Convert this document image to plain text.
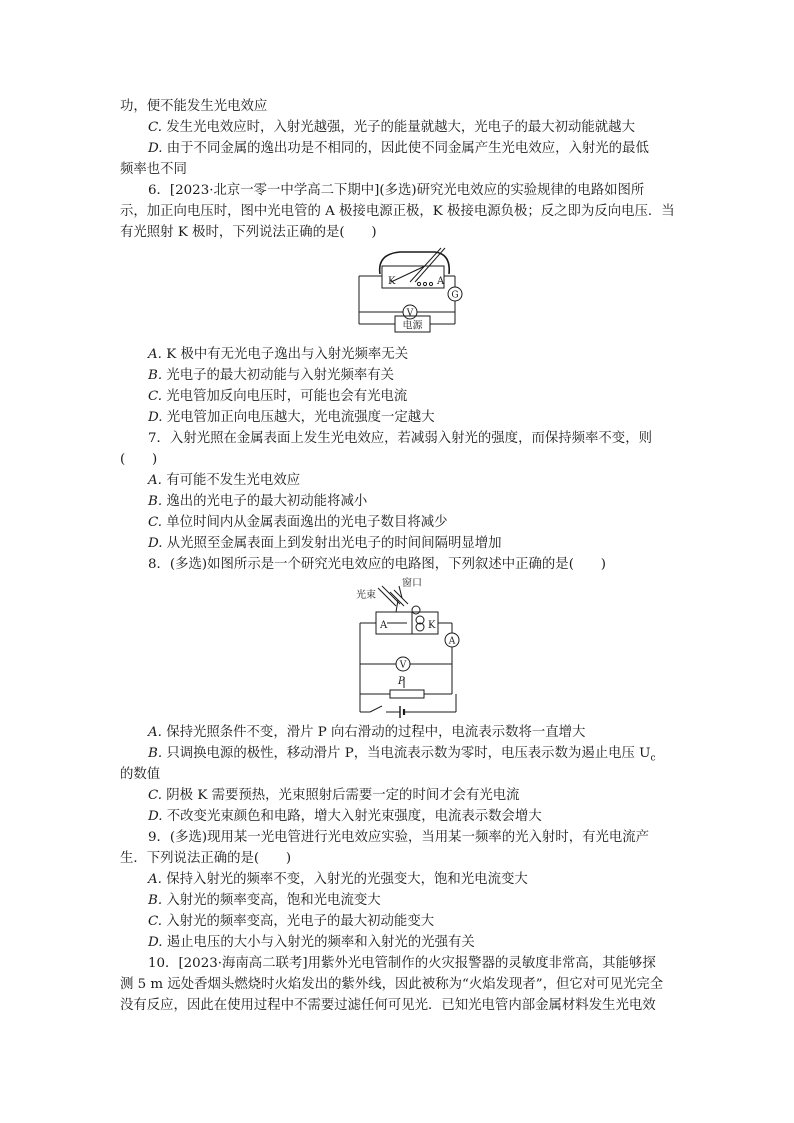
功，便不能发生光电效应
C. 发生光电效应时，入射光越强，光子的能量就越大，光电子的最大初动能就越大
D. 由于不同金属的逸出功是不相同的，因此使不同金属产生光电效应，入射光的最低
频率也不同
6．[2023·北京一零一中学高二下期中](多选)研究光电效应的实验规律的电路如图所
示，加正向电压时，图中光电管的 A 极接电源正极，K 极接电源负极；反之即为反向电压．当
有光照射 K 极时，下列说法正确的是(　　)
K	A
G
V
电源
A. K 极中有无光电子逸出与入射光频率无关
B. 光电子的最大初动能与入射光频率有关
C. 光电管加反向电压时，可能也会有光电流
D. 光电管加正向电压越大，光电流强度一定越大
7．入射光照在金属表面上发生光电效应，若减弱入射光的强度，而保持频率不变，则
(　　)
A. 有可能不发生光电效应
B. 逸出的光电子的最大初动能将减小
C. 单位时间内从金属表面逸出的光电子数目将减少
D. 从光照至金属表面上到发射出光电子的时间间隔明显增加
8．(多选)如图所示是一个研究光电效应的电路图，下列叙述中正确的是(　　)
光束
窗口
A	K
A
V
P
A. 保持光照条件不变，滑片 P 向右滑动的过程中，电流表示数将一直增大
B. 只调换电源的极性，移动滑片 P，当电流表示数为零时，电压表示数为遏止电压 $U_c$
的数值
C. 阴极 K 需要预热，光束照射后需要一定的时间才会有光电流
D. 不改变光束颜色和电路，增大入射光束强度，电流表示数会增大
9．(多选)现用某一光电管进行光电效应实验，当用某一频率的光入射时，有光电流产
生．下列说法正确的是(　　)
A. 保持入射光的频率不变，入射光的光强变大，饱和光电流变大
B. 入射光的频率变高，饱和光电流变大
C. 入射光的频率变高，光电子的最大初动能变大
D. 遏止电压的大小与入射光的频率和入射光的光强有关
10．[2023·海南高二联考]用紫外光电管制作的火灾报警器的灵敏度非常高，其能够探
测 5 m 远处香烟头燃烧时火焰发出的紫外线，因此被称为“火焰发现者”，但它对可见光完全
没有反应，因此在使用过程中不需要过滤任何可见光．已知光电管内部金属材料发生光电效
